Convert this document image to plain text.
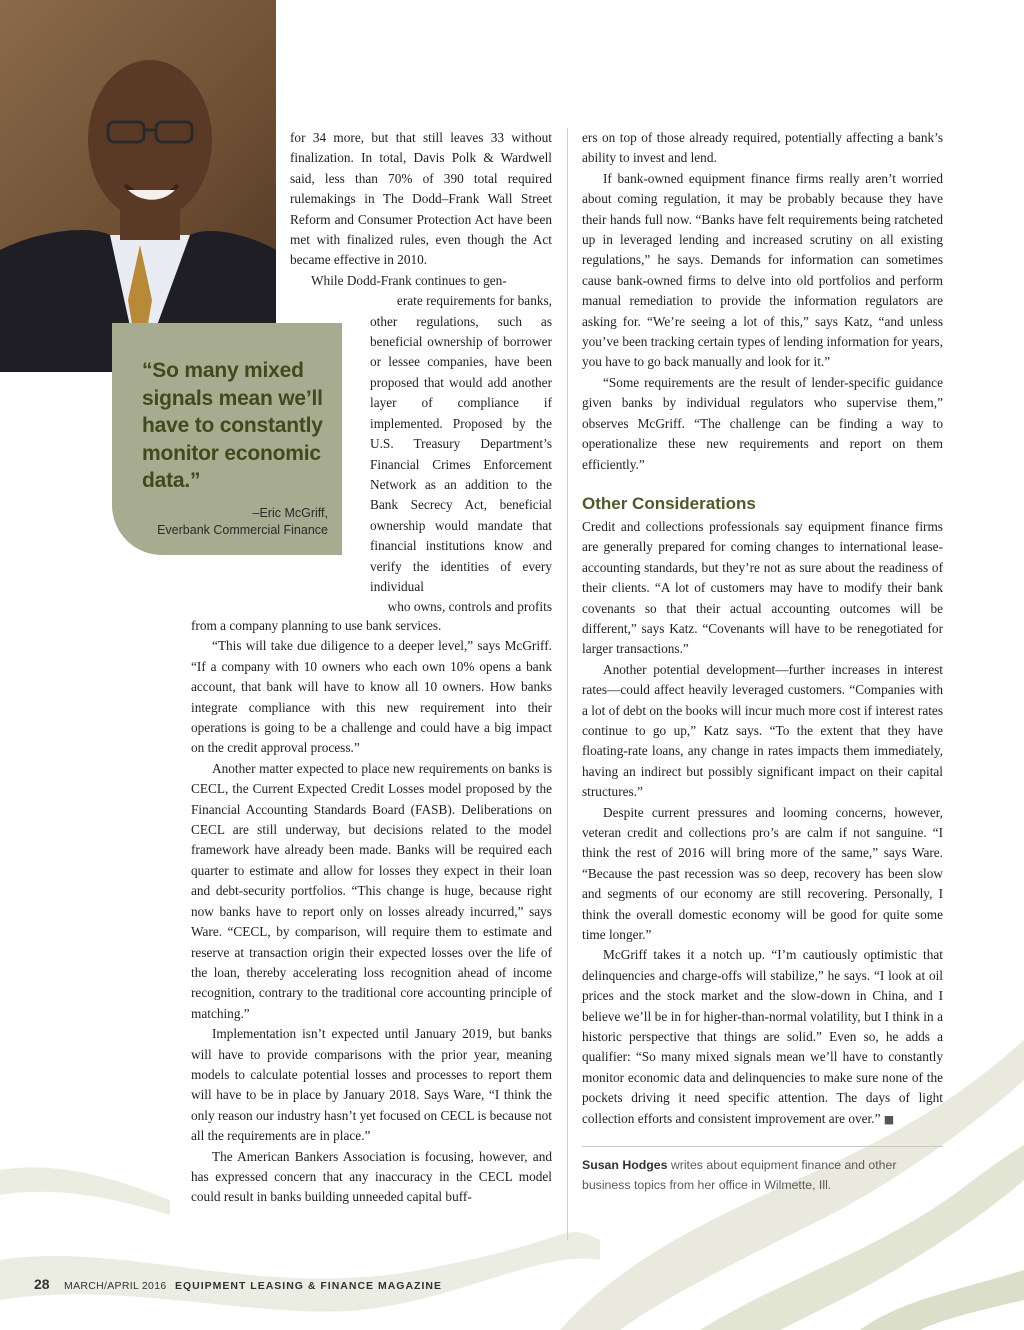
“So many mixed signals mean we’ll have to constantly monitor economic data.”

–Eric McGriff,
Everbank Commercial Finance

for 34 more, but that still leaves 33 without finalization. In total, Davis Polk & Wardwell said, less than 70% of 390 total required rulemakings in The Dodd–Frank Wall Street Reform and Consumer Protection Act have been met with finalized rules, even though the Act became effective in 2010.

While Dodd-Frank continues to gen-

erate requirements for banks,

other regulations, such as beneficial ownership of borrower or lessee companies, have been proposed that would add another layer of compliance if implemented. Proposed by the U.S. Treasury Department’s Financial Crimes Enforcement Network as an addition to the Bank Secrecy Act, beneficial ownership would mandate that financial institutions know and verify the identities of every individual

who owns, controls and profits

from a company planning to use bank services.

“This will take due diligence to a deeper level,” says McGriff. “If a company with 10 owners who each own 10% opens a bank account, that bank will have to know all 10 owners. How banks integrate compliance with this new requirement into their operations is going to be a challenge and could have a big impact on the credit approval process.”

Another matter expected to place new requirements on banks is CECL, the Current Expected Credit Losses model proposed by the Financial Accounting Standards Board (FASB). Deliberations on CECL are still underway, but decisions related to the model framework have already been made. Banks will be required each quarter to estimate and allow for losses they expect in their loan and debt-security portfolios. “This change is huge, because right now banks have to report only on losses already incurred,” says Ware. “CECL, by comparison, will require them to estimate and reserve at transaction origin their expected losses over the life of the loan, thereby accelerating loss recognition ahead of income recognition, contrary to the traditional core accounting principle of matching.”

Implementation isn’t expected until January 2019, but banks will have to provide comparisons with the prior year, meaning models to calculate potential losses and processes to report them will have to be in place by January 2018. Says Ware, “I think the only reason our industry hasn’t yet focused on CECL is because not all the requirements are in place.”

The American Bankers Association is focusing, however, and has expressed concern that any inaccuracy in the CECL model could result in banks building unneeded capital buff-

ers on top of those already required, potentially affecting a bank’s ability to invest and lend.

If bank-owned equipment finance firms really aren’t worried about coming regulation, it may be probably because they have their hands full now. “Banks have felt requirements being ratcheted up in leveraged lending and increased scrutiny on all existing regulations,” he says. Demands for information can sometimes cause bank-owned firms to delve into old portfolios and perform manual remediation to provide the information regulators are asking for. “We’re seeing a lot of this,” says Katz, “and unless you’ve been tracking certain types of lending information for years, you have to go back manually and look for it.”

“Some requirements are the result of lender-specific guidance given banks by individual regulators who supervise them,” observes McGriff. “The challenge can be finding a way to operationalize these new requirements and report on them efficiently.”

Other Considerations

Credit and collections professionals say equipment finance firms are generally prepared for coming changes to international lease-accounting standards, but they’re not as sure about the readiness of their clients. “A lot of customers may have to modify their bank covenants so that their actual accounting outcomes will be different,” says Katz. “Covenants will have to be renegotiated for larger transactions.”

Another potential development—further increases in interest rates—could affect heavily leveraged customers. “Companies with a lot of debt on the books will incur much more cost if interest rates continue to go up,” Katz says. “To the extent that they have floating-rate loans, any change in rates impacts them immediately, having an indirect but possibly significant impact on their capital structures.”

Despite current pressures and looming concerns, however, veteran credit and collections pro’s are calm if not sanguine. “I think the rest of 2016 will bring more of the same,” says Ware. “Because the past recession was so deep, recovery has been slow and segments of our economy are still recovering. Personally, I think the overall domestic economy will be good for quite some time longer.”

McGriff takes it a notch up. “I’m cautiously optimistic that delinquencies and charge-offs will stabilize,” he says. “I look at oil prices and the stock market and the slow-down in China, and I believe we’ll be in for higher-than-normal volatility, but I think in a historic perspective that things are solid.” Even so, he adds a qualifier: “So many mixed signals mean we’ll have to constantly monitor economic data and delinquencies to make sure none of the pockets driving it need specific attention. The days of light collection efforts and consistent improvement are over.” ■

Susan Hodges writes about equipment finance and other business topics from her office in Wilmette, Ill.

28 MARCH/APRIL 2016 EQUIPMENT LEASING & FINANCE MAGAZINE
